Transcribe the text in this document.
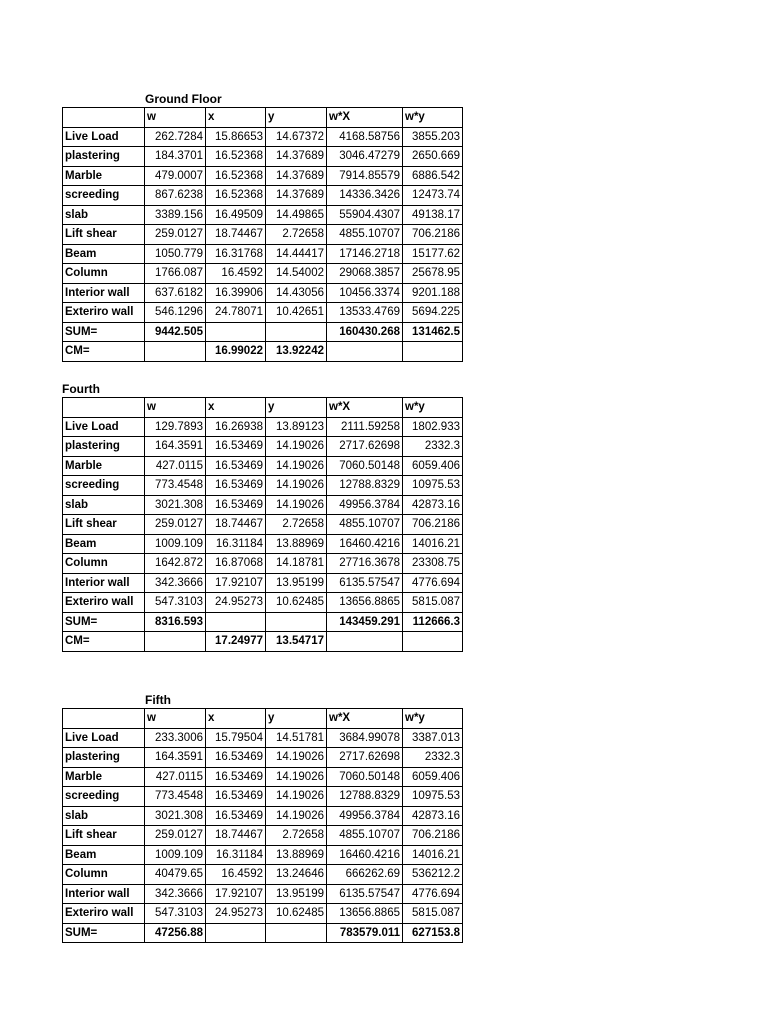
Ground Floor
	w	x	y	w*X	w*y
Live Load	262.7284	15.86653	14.67372	4168.58756	3855.203
plastering	184.3701	16.52368	14.37689	3046.47279	2650.669
Marble	479.0007	16.52368	14.37689	7914.85579	6886.542
screeding	867.6238	16.52368	14.37689	14336.3426	12473.74
slab	3389.156	16.49509	14.49865	55904.4307	49138.17
Lift shear	259.0127	18.74467	2.72658	4855.10707	706.2186
Beam	1050.779	16.31768	14.44417	17146.2718	15177.62
Column	1766.087	16.4592	14.54002	29068.3857	25678.95
Interior wall	637.6182	16.39906	14.43056	10456.3374	9201.188
Exteriro wall	546.1296	24.78071	10.42651	13533.4769	5694.225
SUM=	9442.505			160430.268	131462.5
CM=		16.99022	13.92242		
Fourth
	w	x	y	w*X	w*y
Live Load	129.7893	16.26938	13.89123	2111.59258	1802.933
plastering	164.3591	16.53469	14.19026	2717.62698	2332.3
Marble	427.0115	16.53469	14.19026	7060.50148	6059.406
screeding	773.4548	16.53469	14.19026	12788.8329	10975.53
slab	3021.308	16.53469	14.19026	49956.3784	42873.16
Lift shear	259.0127	18.74467	2.72658	4855.10707	706.2186
Beam	1009.109	16.31184	13.88969	16460.4216	14016.21
Column	1642.872	16.87068	14.18781	27716.3678	23308.75
Interior wall	342.3666	17.92107	13.95199	6135.57547	4776.694
Exteriro wall	547.3103	24.95273	10.62485	13656.8865	5815.087
SUM=	8316.593			143459.291	112666.3
CM=		17.24977	13.54717		
Fifth
	w	x	y	w*X	w*y
Live Load	233.3006	15.79504	14.51781	3684.99078	3387.013
plastering	164.3591	16.53469	14.19026	2717.62698	2332.3
Marble	427.0115	16.53469	14.19026	7060.50148	6059.406
screeding	773.4548	16.53469	14.19026	12788.8329	10975.53
slab	3021.308	16.53469	14.19026	49956.3784	42873.16
Lift shear	259.0127	18.74467	2.72658	4855.10707	706.2186
Beam	1009.109	16.31184	13.88969	16460.4216	14016.21
Column	40479.65	16.4592	13.24646	666262.69	536212.2
Interior wall	342.3666	17.92107	13.95199	6135.57547	4776.694
Exteriro wall	547.3103	24.95273	10.62485	13656.8865	5815.087
SUM=	47256.88			783579.011	627153.8
